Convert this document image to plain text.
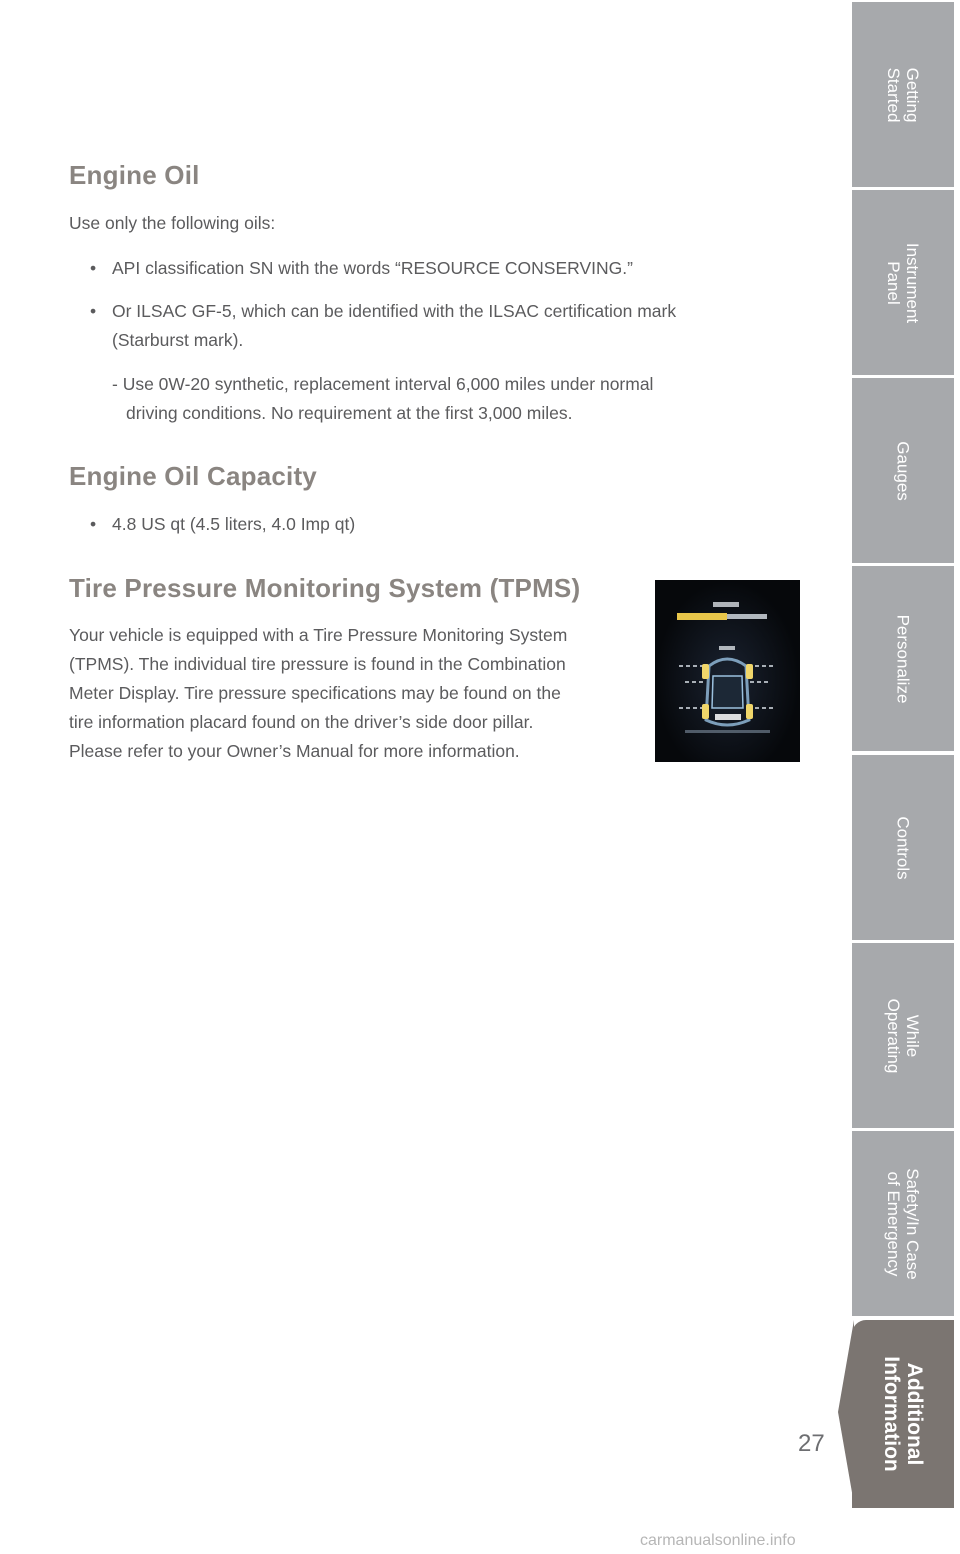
Engine Oil

Use only the following oils:

• API classification SN with the words “RESOURCE CONSERVING.”

• Or ILSAC GF-5, which can be identified with the ILSAC certification mark

(Starburst mark).

- Use 0W-20 synthetic, replacement interval 6,000 miles under normal

driving conditions. No requirement at the first 3,000 miles.

Engine Oil Capacity
• 4.8 US qt (4.5 liters, 4.0 Imp qt)

Tire Pressure Monitoring System (TPMS)

Your vehicle is equipped with a Tire Pressure Monitoring System

(TPMS). The individual tire pressure is found in the Combination

Meter Display. Tire pressure specifications may be found on the

tire information placard found on the driver’s side door pillar.

Please refer to your Owner’s Manual for more information.

Getting
Started
Instrument
Panel
Gauges
Personalize
Controls
While
Operating
Safety/In Case
of Emergency
Additional
Information
27
carmanualsonline.info
